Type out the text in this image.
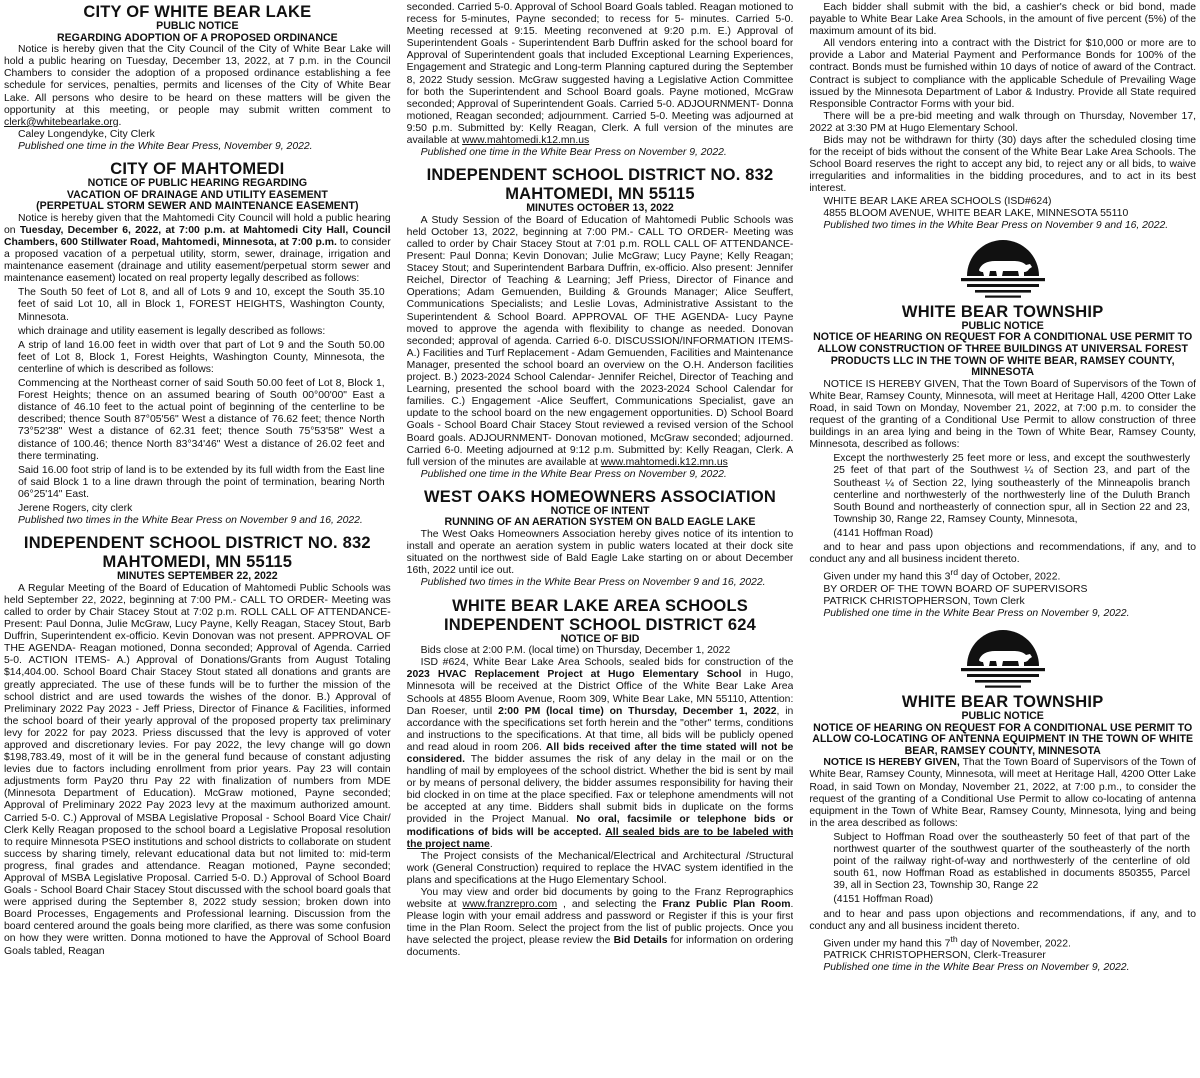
CITY OF WHITE BEAR LAKE
PUBLIC NOTICE
REGARDING ADOPTION OF A PROPOSED ORDINANCE

Notice is hereby given that the City Council of the City of White Bear Lake will hold a public hearing on Tuesday, December 13, 2022, at 7 p.m. in the Council Chambers to consider the adoption of a proposed ordinance establishing a fee schedule for services, penalties, permits and licenses of the City of White Bear Lake. All persons who desire to be heard on these matters will be given the opportunity at this meeting, or people may submit written comment to clerk@whitebearlake.org.

Caley Longendyke, City Clerk
Published one time in the White Bear Press, November 9, 2022.
CITY OF MAHTOMEDI
NOTICE OF PUBLIC HEARING REGARDING
VACATION OF DRAINAGE AND UTILITY EASEMENT
(PERPETUAL STORM SEWER AND MAINTENANCE EASEMENT)

Notice is hereby given that the Mahtomedi City Council will hold a public hearing on Tuesday, December 6, 2022, at 7:00 p.m. at Mahtomedi City Hall, Council Chambers, 600 Stillwater Road, Mahtomedi, Minnesota, at 7:00 p.m. to consider a proposed vacation of a perpetual utility, storm, sewer, drainage, irrigation and maintenance easement (drainage and utility easement/perpetual storm sewer and maintenance easement) located on real property legally described as follows:

The South 50 feet of Lot 8, and all of Lots 9 and 10, except the South 35.10 feet of said Lot 10, all in Block 1, FOREST HEIGHTS, Washington County, Minnesota.

which drainage and utility easement is legally described as follows:

A strip of land 16.00 feet in width over that part of Lot 9 and the South 50.00 feet of Lot 8, Block 1, Forest Heights, Washington County, Minnesota, the centerline of which is described as follows:

Commencing at the Northeast corner of said South 50.00 feet of Lot 8, Block 1, Forest Heights; thence on an assumed bearing of South 00°00'00" East a distance of 46.10 feet to the actual point of beginning of the centerline to be described; thence South 87°05'56" West a distance of 76.62 feet; thence North 73°52'38" West a distance of 62.31 feet; thence South 75°53'58" West a distance of 100.46; thence North 83°34'46" West a distance of 26.02 feet and there terminating.

Said 16.00 foot strip of land is to be extended by its full width from the East line of said Block 1 to a line drawn through the point of termination, bearing North 06°25'14" East.

Jerene Rogers, city clerk
Published two times in the White Bear Press on November 9 and 16, 2022.
INDEPENDENT SCHOOL DISTRICT NO. 832
MAHTOMEDI, MN 55115
MINUTES SEPTEMBER 22, 2022

A Regular Meeting of the Board of Education of Mahtomedi Public Schools was held September 22, 2022, beginning at 7:00 PM.- CALL TO ORDER- Meeting was called to order by Chair Stacey Stout at 7:02 p.m. ROLL CALL OF ATTENDANCE- Present: Paul Donna, Julie McGraw, Lucy Payne, Kelly Reagan, Stacey Stout, Barb Duffrin, Superintendent ex-officio. Kevin Donovan was not present. APPROVAL OF THE AGENDA- Reagan motioned, Donna seconded; Approval of Agenda. Carried 5-0. ACTION ITEMS- A.) Approval of Donations/Grants from August Totaling $14,404.00. School Board Chair Stacey Stout stated all donations and grants are greatly appreciated. The use of these funds will be to further the mission of the school district and are used towards the wishes of the donor. B.) Approval of Preliminary 2022 Pay 2023 - Jeff Priess, Director of Finance & Facilities, informed the school board of their yearly approval of the proposed property tax preliminary levy for 2022 for pay 2023. Priess discussed that the levy is approved of voter approved and discretionary levies. For pay 2022, the levy change will go down $198,783.49, most of it will be in the general fund because of constant adjusting levies due to factors including enrollment from prior years. Pay 23 will contain adjustments form Pay20 thru Pay 22 with finalization of numbers from MDE (Minnesota Department of Education). McGraw motioned, Payne seconded; Approval of Preliminary 2022 Pay 2023 levy at the maximum authorized amount. Carried 5-0. C.) Approval of MSBA Legislative Proposal - School Board Vice Chair/ Clerk Kelly Reagan proposed to the school board a Legislative Proposal resolution to require Minnesota PSEO institutions and school districts to collaborate on student success by sharing timely, relevant educational data but not limited to: mid-term progress, final grades and attendance. Reagan motioned, Payne seconded; Approval of MSBA Legislative Proposal. Carried 5-0. D.) Approval of School Board Goals - School Board Chair Stacey Stout discussed with the school board goals that were apprised during the September 8, 2022 study session; broken down into Board Processes, Engagements and Professional learning. Discussion from the board centered around the goals being more clarified, as there was some confusion on how they were written. Donna motioned to have the Approval of School Board Goals tabled, Reagan

seconded. Carried 5-0. Approval of School Board Goals tabled. Reagan motioned to recess for 5-minutes, Payne seconded; to recess for 5- minutes. Carried 5-0. Meeting recessed at 9:15. Meeting reconvened at 9:20 p.m. E.) Approval of Superintendent Goals - Superintendent Barb Duffrin asked for the school board for Approval of Superintendent goals that included Exceptional Learning Experiences, Engagement and Strategic and Long-term Planning captured during the September 8, 2022 Study session. McGraw suggested having a Legislative Action Committee for both the Superintendent and School Board goals. Payne motioned, McGraw seconded; Approval of Superintendent Goals. Carried 5-0. ADJOURNMENT- Donna motioned, Reagan seconded; adjournment. Carried 5-0. Meeting was adjourned at 9:50 p.m. Submitted by: Kelly Reagan, Clerk. A full version of the minutes are available at www.mahtomedi.k12.mn.us

Published one time in the White Bear Press on November 9, 2022.
INDEPENDENT SCHOOL DISTRICT NO. 832
MAHTOMEDI, MN 55115
MINUTES OCTOBER 13, 2022

A Study Session of the Board of Education of Mahtomedi Public Schools was held October 13, 2022, beginning at 7:00 PM.- CALL TO ORDER- Meeting was called to order by Chair Stacey Stout at 7:01 p.m. ROLL CALL OF ATTENDANCE- Present: Paul Donna; Kevin Donovan; Julie McGraw; Lucy Payne; Kelly Reagan; Stacey Stout; and Superintendent Barbara Duffrin, ex-officio. Also present: Jennifer Reichel, Director of Teaching & Learning; Jeff Priess, Director of Finance and Operations; Adam Gemuenden, Building & Grounds Manager; Alice Seuffert, Communications Specialists; and Leslie Lovas, Administrative Assistant to the Superintendent & School Board. APPROVAL OF THE AGENDA- Lucy Payne moved to approve the agenda with flexibility to change as needed. Donovan seconded; approval of agenda. Carried 6-0. DISCUSSION/INFORMATION ITEMS- A.) Facilities and Turf Replacement - Adam Gemuenden, Facilities and Maintenance Manager, presented the school board an overview on the O.H. Anderson facilities project. B.) 2023-2024 School Calendar- Jennifer Reichel, Director of Teaching and Learning, presented the school board with the 2023-2024 School Calendar for families. C.) Engagement -Alice Seuffert, Communications Specialist, gave an update to the school board on the new engagement opportunities. D) School Board Goals - School Board Chair Stacey Stout reviewed a revised version of the School Board goals. ADJOURNMENT- Donovan motioned, McGraw seconded; adjourned. Carried 6-0. Meeting adjourned at 9:12 p.m. Submitted by: Kelly Reagan, Clerk. A full version of the minutes are available at www.mahtomedi.k12.mn.us

Published one time in the White Bear Press on November 9, 2022.
WEST OAKS HOMEOWNERS ASSOCIATION
NOTICE OF INTENT
RUNNING OF AN AERATION SYSTEM ON BALD EAGLE LAKE

The West Oaks Homeowners Association hereby gives notice of its intention to install and operate an aeration system in public waters located at their dock site situated on the northwest side of Bald Eagle Lake starting on or about December 16th, 2022 until ice out.

Published two times in the White Bear Press on November 9 and 16, 2022.
WHITE BEAR LAKE AREA SCHOOLS
INDEPENDENT SCHOOL DISTRICT 624
NOTICE OF BID

Bids close at 2:00 P.M. (local time) on Thursday, December 1, 2022

ISD #624, White Bear Lake Area Schools, sealed bids for construction of the 2023 HVAC Replacement Project at Hugo Elementary School in Hugo, Minnesota will be received at the District Office of the White Bear Lake Area Schools at 4855 Bloom Avenue, Room 309, White Bear Lake, MN 55110, Attention: Dan Roeser, until 2:00 PM (local time) on Thursday, December 1, 2022, in accordance with the specifications set forth herein and the "other" terms, conditions and instructions to the specifications. At that time, all bids will be publicly opened and read aloud in room 206. All bids received after the time stated will not be considered. The bidder assumes the risk of any delay in the mail or on the handling of mail by employees of the school district. Whether the bid is sent by mail or by means of personal delivery, the bidder assumes responsibility for having their bid clocked in on time at the place specified. Fax or telephone amendments will not be accepted at any time. Bidders shall submit bids in duplicate on the forms provided in the Project Manual. No oral, facsimile or telephone bids or modifications of bids will be accepted. All sealed bids are to be labeled with the project name.

The Project consists of the Mechanical/Electrical and Architectural /Structural work (General Construction) required to replace the HVAC system identified in the plans and specifications at the Hugo Elementary School.

You may view and order bid documents by going to the Franz Reprographics website at www.franzrepro.com , and selecting the Franz Public Plan Room. Please login with your email address and password or Register if this is your first time in the Plan Room. Select the project from the list of public projects. Once you have selected the project, please review the Bid Details for information on ordering documents.

Each bidder shall submit with the bid, a cashier's check or bid bond, made payable to White Bear Lake Area Schools, in the amount of five percent (5%) of the maximum amount of its bid.

All vendors entering into a contract with the District for $10,000 or more are to provide a Labor and Material Payment and Performance Bonds for 100% of the contract. Bonds must be furnished within 10 days of notice of award of the Contract. Contract is subject to compliance with the applicable Schedule of Prevailing Wage issued by the Minnesota Department of Labor & Industry. Provide all State required Responsible Contractor Forms with your bid.

There will be a pre-bid meeting and walk through on Thursday, November 17, 2022 at 3:30 PM at Hugo Elementary School.

Bids may not be withdrawn for thirty (30) days after the scheduled closing time for the receipt of bids without the consent of the White Bear Lake Area Schools. The School Board reserves the right to accept any bid, to reject any or all bids, to waive irregularities and informalities in the bidding procedures, and to act in its best interest.

WHITE BEAR LAKE AREA SCHOOLS (ISD#624)
4855 BLOOM AVENUE, WHITE BEAR LAKE, MINNESOTA 55110
Published two times in the White Bear Press on November 9 and 16, 2022.
WHITE BEAR TOWNSHIP
PUBLIC NOTICE
NOTICE OF HEARING ON REQUEST FOR A CONDITIONAL USE PERMIT TO ALLOW CONSTRUCTION OF THREE BUILDINGS AT UNIVERSAL FOREST PRODUCTS LLC IN THE TOWN OF WHITE BEAR, RAMSEY COUNTY, MINNESOTA

NOTICE IS HEREBY GIVEN, That the Town Board of Supervisors of the Town of White Bear, Ramsey County, Minnesota, will meet at Heritage Hall, 4200 Otter Lake Road, in said Town on Monday, November 21, 2022, at 7:00 p.m. to consider the request of the granting of a Conditional Use Permit to allow construction of three buildings in an area lying and being in the Town of White Bear, Ramsey County, Minnesota, described as follows:

Except the northwesterly 25 feet more or less, and except the southwesterly 25 feet of that part of the Southwest ¼ of Section 23, and part of the Southeast ¼ of Section 22, lying southeasterly of the Minneapolis branch centerline and northwesterly of the northwesterly line of the Duluth Branch South Bound and northeasterly of connection spur, all in Section 22 and 23, Township 30, Range 22, Ramsey County, Minnesota,

(4141 Hoffman Road)

and to hear and pass upon objections and recommendations, if any, and to conduct any and all business incident thereto.

Given under my hand this 3rd day of October, 2022.
BY ORDER OF THE TOWN BOARD OF SUPERVISORS
PATRICK CHRISTOPHERSON, Town Clerk
Published one time in the White Bear Press on November 9, 2022.
WHITE BEAR TOWNSHIP
PUBLIC NOTICE
NOTICE OF HEARING ON REQUEST FOR A CONDITIONAL USE PERMIT TO ALLOW CO-LOCATING OF ANTENNA EQUIPMENT IN THE TOWN OF WHITE BEAR, RAMSEY COUNTY, MINNESOTA

NOTICE IS HEREBY GIVEN, That the Town Board of Supervisors of the Town of White Bear, Ramsey County, Minnesota, will meet at Heritage Hall, 4200 Otter Lake Road, in said Town on Monday, November 21, 2022, at 7:00 p.m., to consider the request of the granting of a Conditional Use Permit to allow co-locating of antenna equipment in the Town of White Bear, Ramsey County, Minnesota, lying and being in the area described as follows:

Subject to Hoffman Road over the southeasterly 50 feet of that part of the northwest quarter of the southwest quarter of the southeasterly of the north point of the railway right-of-way and northwesterly of the centerline of old south 61, now Hoffman Road as established in documents 850355, Parcel 39, all in Section 23, Township 30, Range 22

(4151 Hoffman Road)

and to hear and pass upon objections and recommendations, if any, and to conduct any and all business incident thereto.

Given under my hand this 7th day of November, 2022.
PATRICK CHRISTOPHERSON, Clerk-Treasurer
Published one time in the White Bear Press on November 9, 2022.
